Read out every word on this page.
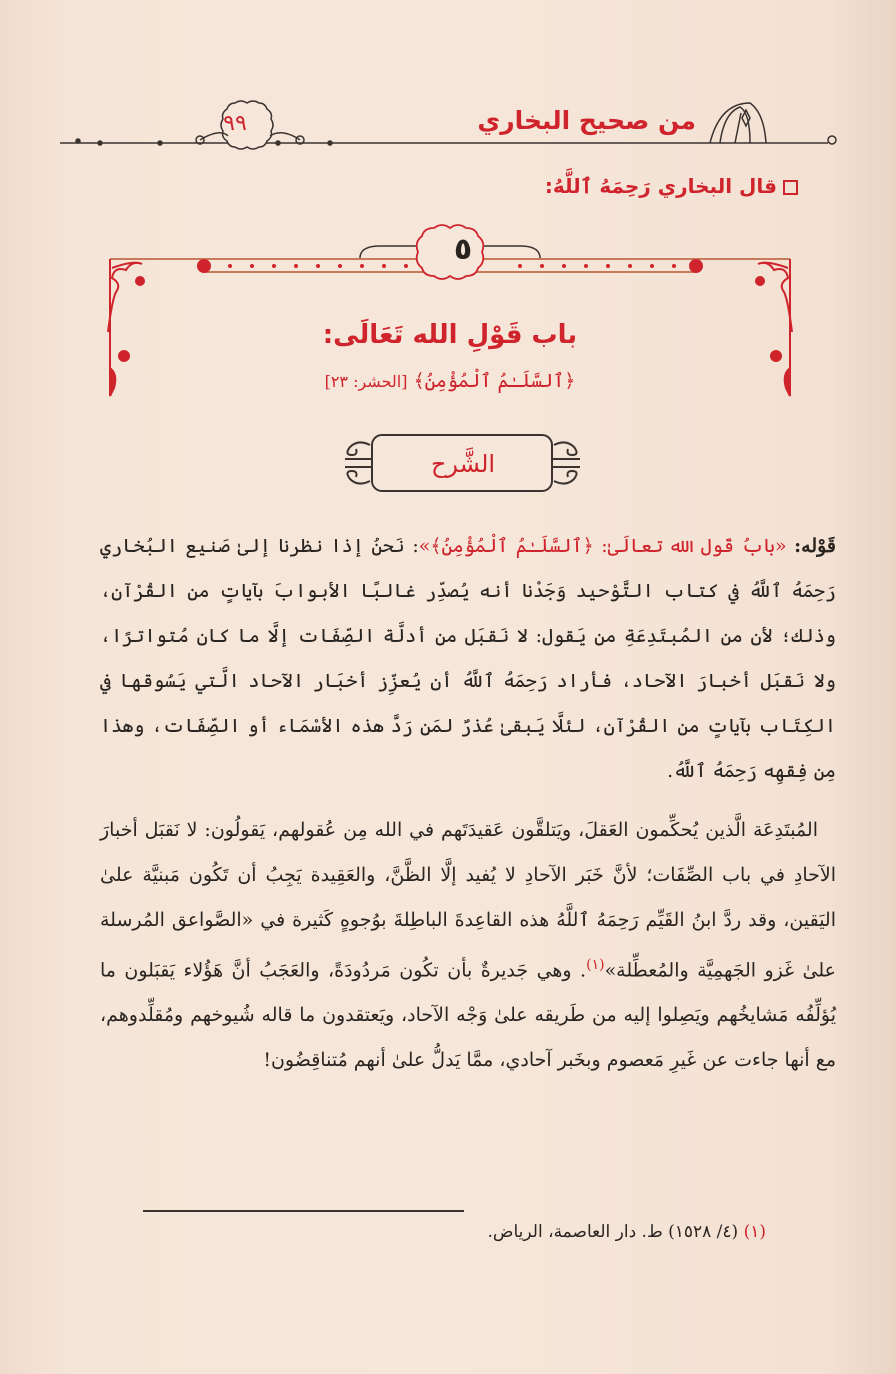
من صحيح البخاري
٩٩
قال البخاري رَحِمَهُ ٱللَّهُ:
٥
باب قَوْلِ الله تَعَالَى:
﴿ٱلسَّلَـٰمُ ٱلْمُؤْمِنُ﴾ [الحشر: ٢٣]
الشَّرح

قَوْله: «بابُ قَول الله تعالَىٰ: ﴿ٱلسَّلَـٰمُ ٱلْمُؤْمِنُ﴾»: نَحنُ إذا نظرنا إلىٰ صَنيع البُخاري رَحِمَهُ ٱللَّهُ في كتاب التَّوْحيد وَجَدْنا أنه يُصدِّر غالبًا الأبوابَ بآياتٍ من القُرْآن، وذلك؛ لأن من المُبتَدِعَةِ من يَقول: لا نَقبَل من أدلَّة الصِّفَات إلَّا ما كان مُتواترًا، ولا نَقبَل أخبارَ الآحاد، فأراد رَحِمَهُ ٱللَّهُ أن يُعزِّز أخبَار الآحاد الَّتي يَسُوقها في الكِتَاب بآياتٍ من القُرْآن، لئلَّا يَبقىٰ عُذرٌ لمَن رَدَّ هذه الأسْمَاء أو الصِّفَات، وهذا مِن فِقهِه رَحِمَهُ ٱللَّهُ.

المُبتَدِعَة الَّذين يُحكِّمون العَقلَ، ويَتلقَّون عَقيدَتَهم في الله مِن عُقولهم، يَقولُون: لا نَقبَل أخبارَ الآحادِ في باب الصِّفَات؛ لأنَّ خَبَر الآحادِ لا يُفيد إلَّا الظَّنَّ، والعَقِيدة يَجِبُ أن تَكُون مَبنيَّة علىٰ اليَقين، وقد ردَّ ابنُ القَيِّم رَحِمَهُ ٱللَّهُ هذه القاعِدةَ الباطِلةَ بوُجوهٍ كَثيرة في «الصَّواعق المُرسلة علىٰ غَزو الجَهمِيَّة والمُعطِّلة»$^{(١)}$. وهي جَديرةٌ بأن تكُون مَردُودَةً، والعَجَبُ أنَّ هَؤُلاء يَقبَلون ما يُؤلِّفُه مَشايخُهم ويَصِلوا إليه من طَريقه علىٰ وَجْه الآحاد، ويَعتقدون ما قاله شُيوخهم ومُقلِّدوهم، مع أنها جاءت عن غَيرِ مَعصوم وبخَبر آحادي، ممَّا يَدلُّ علىٰ أنهم مُتناقِضُون!

(١) (٤/ ١٥٢٨) ط. دار العاصمة، الرياض.
